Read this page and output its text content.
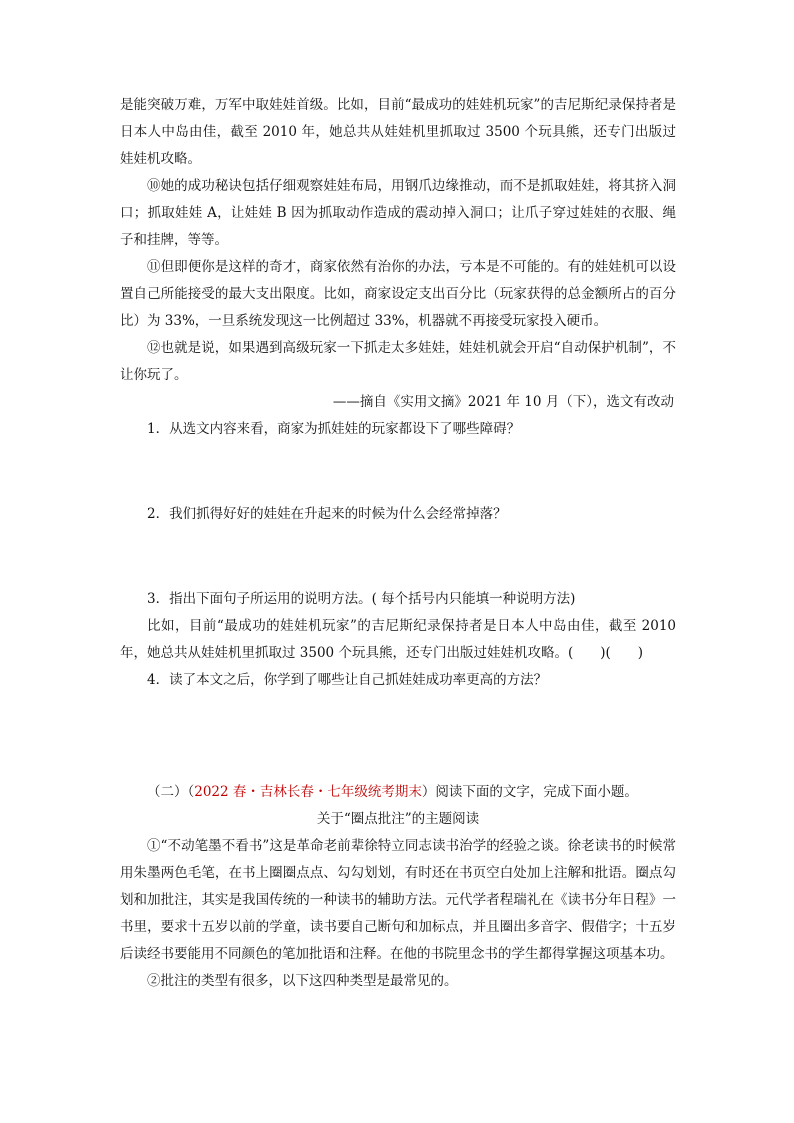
是能突破万难，万军中取娃娃首级。比如，目前“最成功的娃娃机玩家”的吉尼斯纪录保持者是日本人中岛由佳，截至 2010 年，她总共从娃娃机里抓取过 3500 个玩具熊，还专门出版过娃娃机攻略。

⑩她的成功秘诀包括仔细观察娃娃布局，用钢爪边缘推动，而不是抓取娃娃，将其挤入洞口；抓取娃娃 A，让娃娃 B 因为抓取动作造成的震动掉入洞口；让爪子穿过娃娃的衣服、绳子和挂牌，等等。

⑪但即便你是这样的奇才，商家依然有治你的办法，亏本是不可能的。有的娃娃机可以设置自己所能接受的最大支出限度。比如，商家设定支出百分比（玩家获得的总金额所占的百分比）为 33%，一旦系统发现这一比例超过 33%，机器就不再接受玩家投入硬币。

⑫也就是说，如果遇到高级玩家一下抓走太多娃娃，娃娃机就会开启“自动保护机制”，不让你玩了。

——摘自《实用文摘》2021 年 10 月（下），选文有改动

1．从选文内容来看，商家为抓娃娃的玩家都设下了哪些障碍？

2．我们抓得好好的娃娃在升起来的时候为什么会经常掉落？

3．指出下面句子所运用的说明方法。( 每个括号内只能填一种说明方法)

比如，目前“最成功的娃娃机玩家”的吉尼斯纪录保持者是日本人中岛由佳，截至 2010 年，她总共从娃娃机里抓取过 3500 个玩具熊，还专门出版过娃娃机攻略。(　　)(　　)

4．读了本文之后，你学到了哪些让自己抓娃娃成功率更高的方法？

（二）（2022 春・吉林长春・七年级统考期末）阅读下面的文字，完成下面小题。

关于“圈点批注”的主题阅读

①“不动笔墨不看书”这是革命老前辈徐特立同志读书治学的经验之谈。徐老读书的时候常用朱墨两色毛笔，在书上圈圈点点、勾勾划划，有时还在书页空白处加上注解和批语。圈点勾划和加批注，其实是我国传统的一种读书的辅助方法。元代学者程瑞礼在《读书分年日程》一书里，要求十五岁以前的学童，读书要自己断句和加标点，并且圈出多音字、假借字；十五岁后读经书要能用不同颜色的笔加批语和注释。在他的书院里念书的学生都得掌握这项基本功。

②批注的类型有很多，以下这四种类型是最常见的。
